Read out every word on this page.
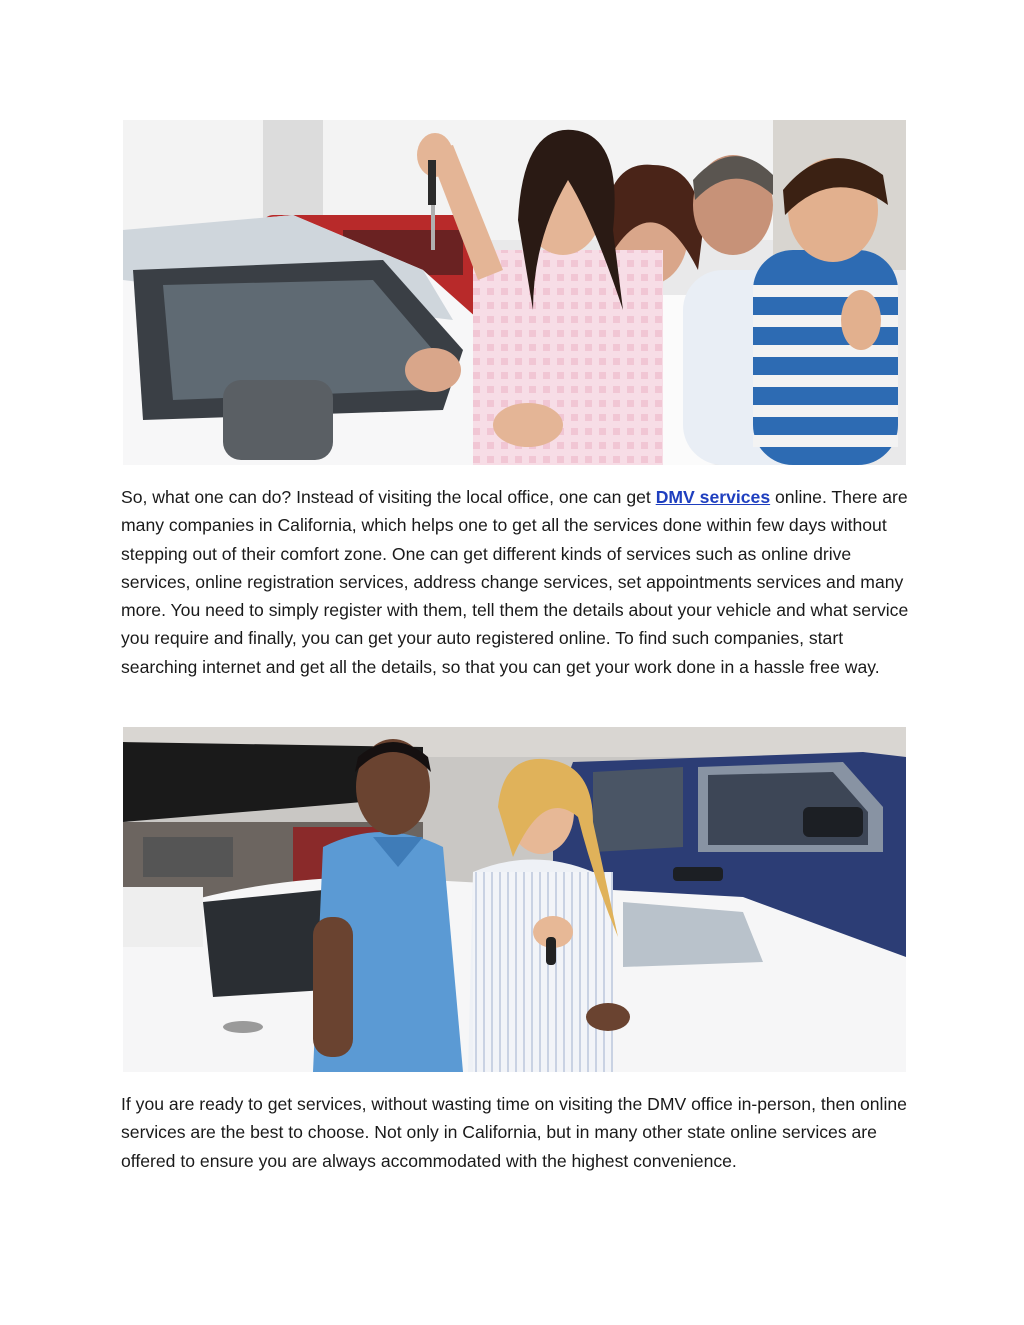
So, what one can do? Instead of visiting the local office, one can get DMV services online. There are many companies in California, which helps one to get all the services done within few days without stepping out of their comfort zone. One can get different kinds of services such as online drive services, online registration services, address change services, set appointments services and many more. You need to simply register with them, tell them the details about your vehicle and what service you require and finally, you can get your auto registered online. To find such companies, start searching internet and get all the details, so that you can get your work done in a hassle free way.

If you are ready to get services, without wasting time on visiting the DMV office in-person, then online services are the best to choose. Not only in California, but in many other state online services are offered to ensure you are always accommodated with the highest convenience.
